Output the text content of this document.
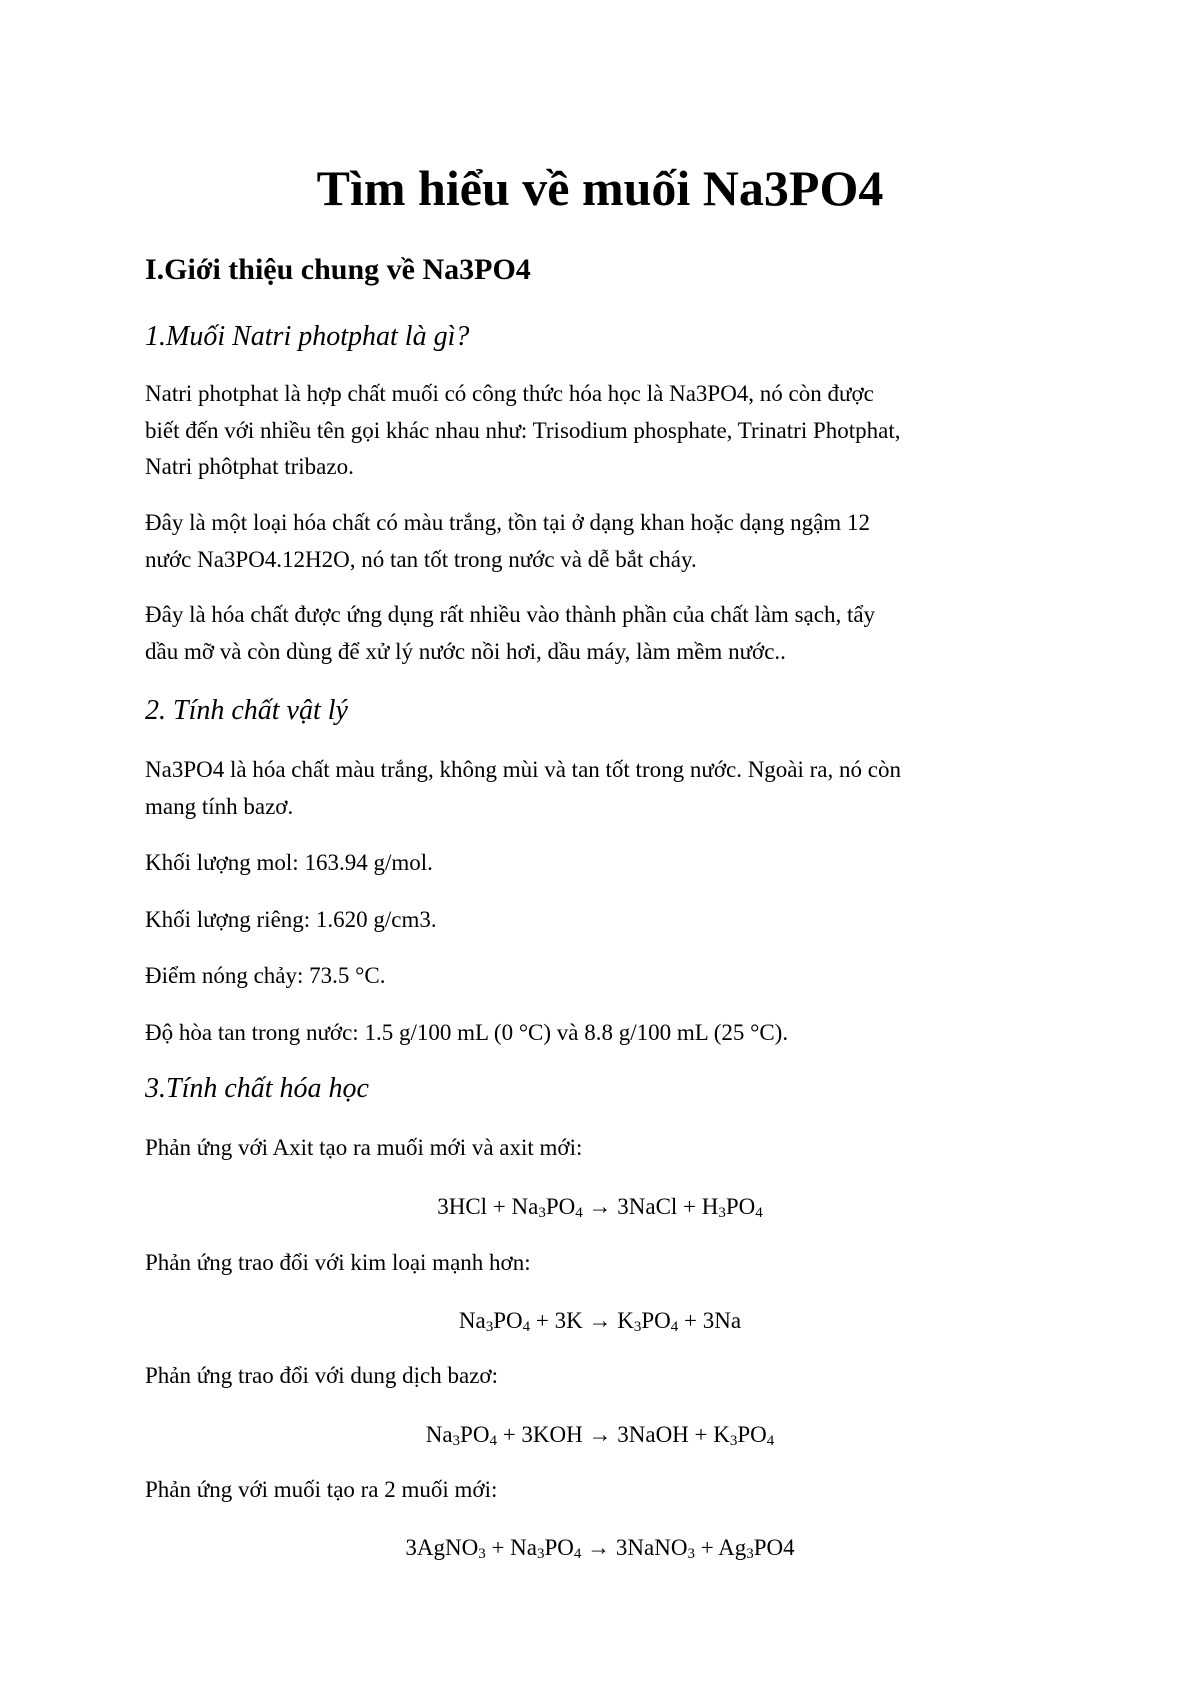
Tìm hiểu về muối Na3PO4
I.Giới thiệu chung về Na3PO4
1.Muối Natri photphat là gì?

Natri photphat là hợp chất muối có công thức hóa học là Na3PO4, nó còn được
biết đến với nhiều tên gọi khác nhau như: Trisodium phosphate, Trinatri Photphat,
Natri phôtphat tribazo.

Đây là một loại hóa chất có màu trắng, tồn tại ở dạng khan hoặc dạng ngậm 12
nước Na3PO4.12H2O, nó tan tốt trong nước và dễ bắt cháy.

Đây là hóa chất được ứng dụng rất nhiều vào thành phần của chất làm sạch, tẩy
dầu mỡ và còn dùng để xử lý nước nồi hơi, dầu máy, làm mềm nước..

2. Tính chất vật lý

Na3PO4 là hóa chất màu trắng, không mùi và tan tốt trong nước. Ngoài ra, nó còn
mang tính bazơ.

Khối lượng mol: 163.94 g/mol.

Khối lượng riêng: 1.620 g/cm3.

Điểm nóng chảy: 73.5 °C.

Độ hòa tan trong nước: 1.5 g/100 mL (0 °C) và 8.8 g/100 mL (25 °C).

3.Tính chất hóa học

Phản ứng với Axit tạo ra muối mới và axit mới:

$3HCl + Na_3PO_4$ → 3NaCl + $H_3PO_4$

Phản ứng trao đổi với kim loại mạnh hơn:

$Na_3PO_4 + 3K \to K_3PO_4 + 3Na$

Phản ứng trao đổi với dung dịch bazơ:

$Na_3PO_4 + 3KOH$ → 3NaOH + $K_3PO_4$

Phản ứng với muối tạo ra 2 muối mới:

3AgNO$_3$ + $Na_3PO_4$ → 3NaNO$_3$ + $Ag_3PO4$
